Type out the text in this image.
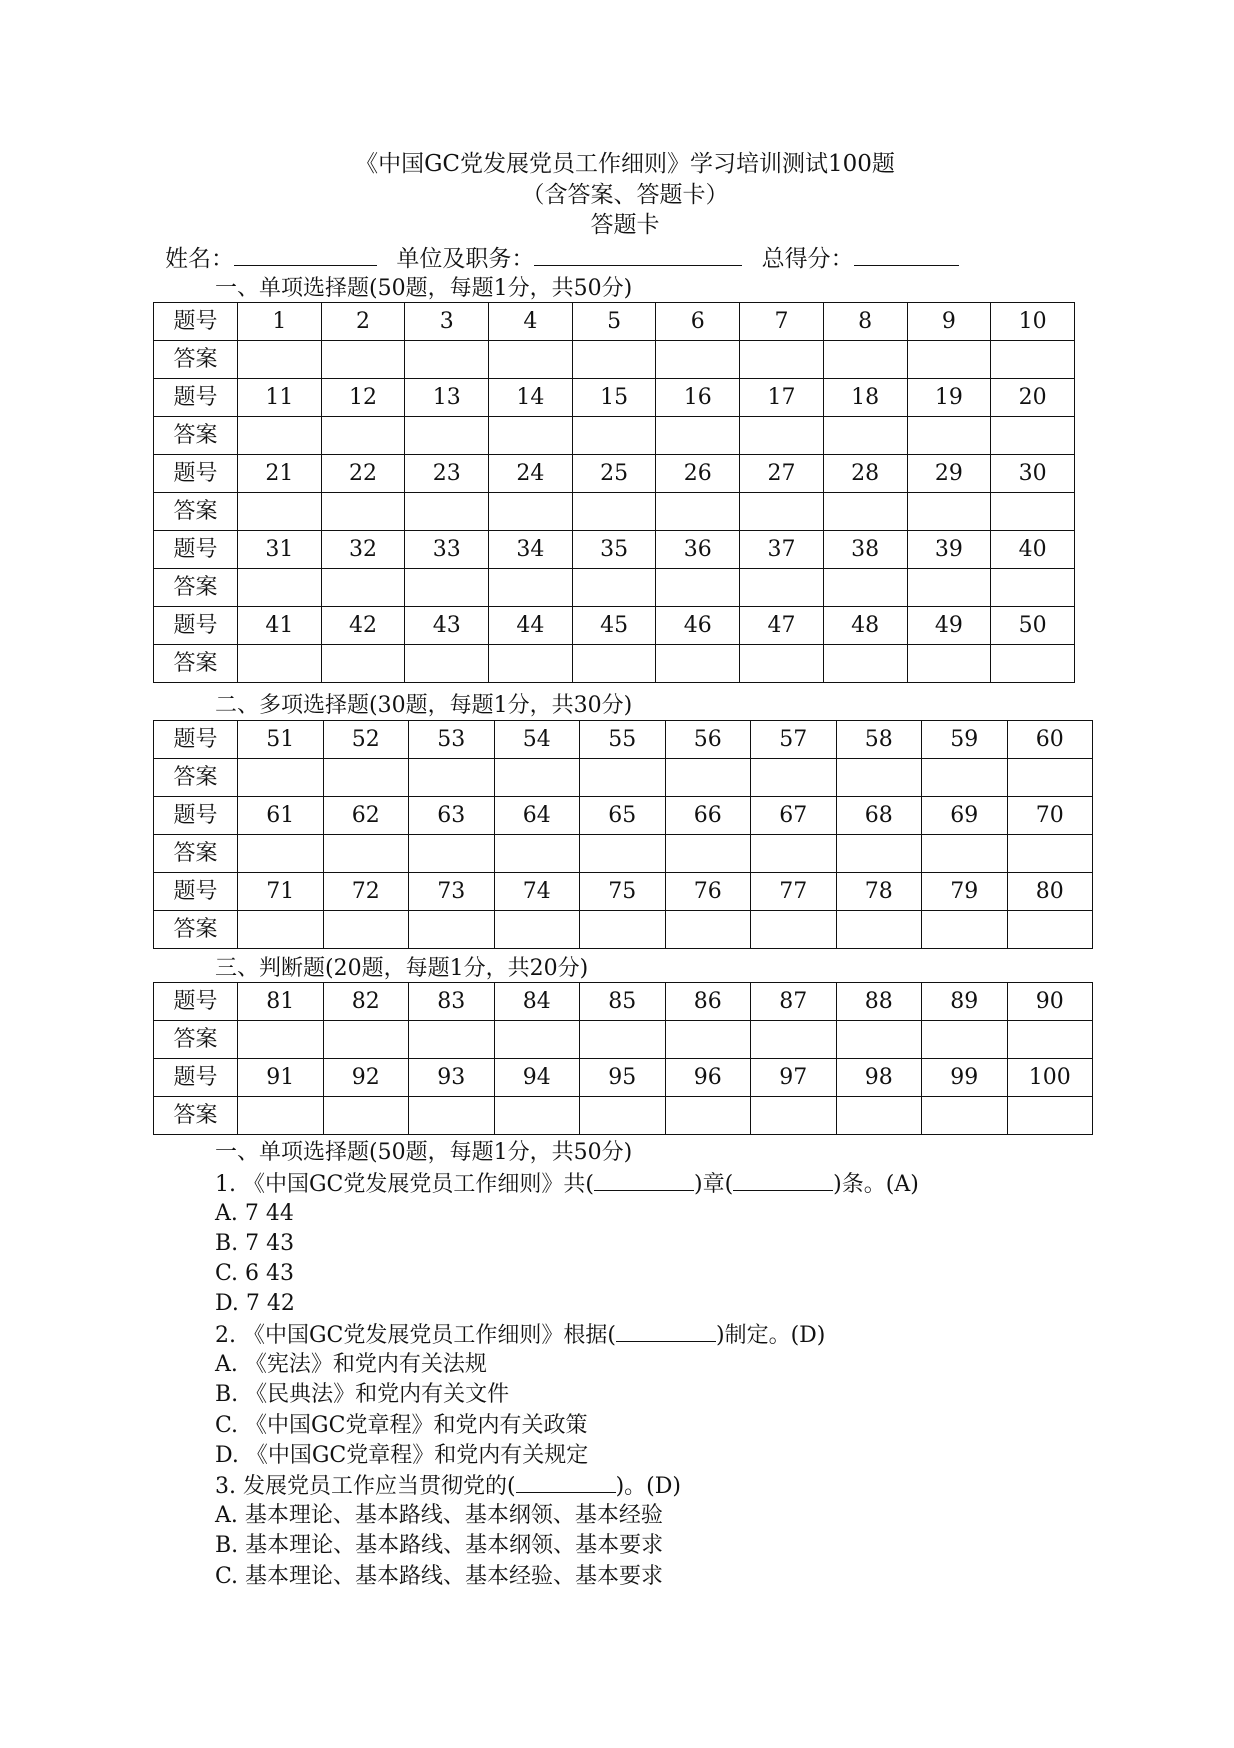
《中国GC党发展党员工作细则》学习培训测试100题
（含答案、答题卡）
答题卡
姓名：	单位及职务：	总得分：
一、单项选择题(50题，每题1分，共50分)
题号	1	2	3	4	5	6	7	8	9	10
答案										
题号	11	12	13	14	15	16	17	18	19	20
答案										
题号	21	22	23	24	25	26	27	28	29	30
答案										
题号	31	32	33	34	35	36	37	38	39	40
答案										
题号	41	42	43	44	45	46	47	48	49	50
答案										
二、多项选择题(30题，每题1分，共30分)
题号	51	52	53	54	55	56	57	58	59	60
答案										
题号	61	62	63	64	65	66	67	68	69	70
答案										
题号	71	72	73	74	75	76	77	78	79	80
答案										
三、判断题(20题，每题1分，共20分)
题号	81	82	83	84	85	86	87	88	89	90
答案										
题号	91	92	93	94	95	96	97	98	99	100
答案										
一、单项选择题(50题，每题1分，共50分)
1. 《中国GC党发展党员工作细则》共(	)章(	)条。(A)
A. 7 44
B. 7 43
C. 6 43
D. 7 42
2. 《中国GC党发展党员工作细则》根据(	)制定。(D)
A. 《宪法》和党内有关法规
B. 《民典法》和党内有关文件
C. 《中国GC党章程》和党内有关政策
D. 《中国GC党章程》和党内有关规定
3. 发展党员工作应当贯彻党的(	)。(D)
A. 基本理论、基本路线、基本纲领、基本经验
B. 基本理论、基本路线、基本纲领、基本要求
C. 基本理论、基本路线、基本经验、基本要求
